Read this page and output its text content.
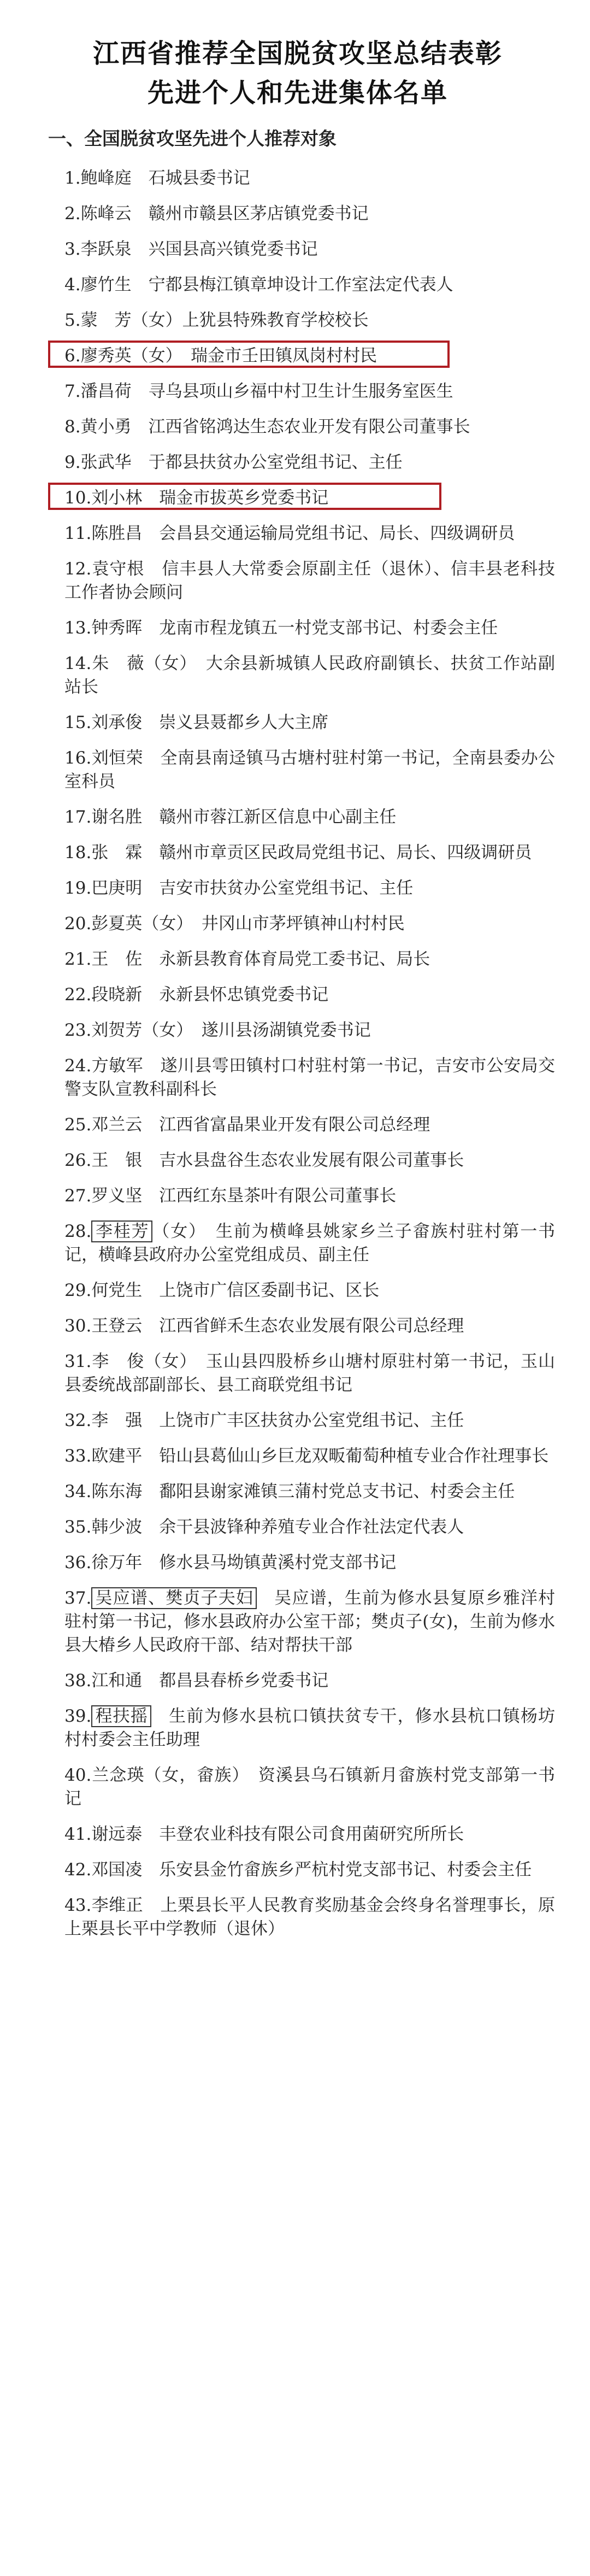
江西省推荐全国脱贫攻坚总结表彰
先进个人和先进集体名单
一、全国脱贫攻坚先进个人推荐对象
1.鲍峰庭　石城县委书记
2.陈峰云　赣州市赣县区茅店镇党委书记
3.李跃泉　兴国县高兴镇党委书记
4.廖竹生　宁都县梅江镇章坤设计工作室法定代表人
5.蒙　芳（女）上犹县特殊教育学校校长
6.廖秀英（女）　瑞金市壬田镇凤岗村村民
7.潘昌荷　寻乌县项山乡福中村卫生计生服务室医生
8.黄小勇　江西省铭鸿达生态农业开发有限公司董事长
9.张武华　于都县扶贫办公室党组书记、主任
10.刘小林　瑞金市拔英乡党委书记
11.陈胜昌　会昌县交通运输局党组书记、局长、四级调研员
12.袁守根　信丰县人大常委会原副主任（退休）、信丰县老科技工作者协会顾问
13.钟秀晖　龙南市程龙镇五一村党支部书记、村委会主任
14.朱　薇（女）　大余县新城镇人民政府副镇长、扶贫工作站副站长
15.刘承俊　崇义县聂都乡人大主席
16.刘恒荣　全南县南迳镇马古塘村驻村第一书记，全南县委办公室科员
17.谢名胜　赣州市蓉江新区信息中心副主任
18.张　霖　赣州市章贡区民政局党组书记、局长、四级调研员
19.巴庚明　吉安市扶贫办公室党组书记、主任
20.彭夏英（女）　井冈山市茅坪镇神山村村民
21.王　佐　永新县教育体育局党工委书记、局长
22.段晓新　永新县怀忠镇党委书记
23.刘贺芳（女）　遂川县汤湖镇党委书记
24.方敏军　遂川县雩田镇村口村驻村第一书记，吉安市公安局交警支队宣教科副科长
25.邓兰云　江西省富晶果业开发有限公司总经理
26.王　银　吉水县盘谷生态农业发展有限公司董事长
27.罗义坚　江西红东垦茶叶有限公司董事长
28. 李桂芳 （女）　生前为横峰县姚家乡兰子畲族村驻村第一书记，横峰县政府办公室党组成员、副主任
29.何党生　上饶市广信区委副书记、区长
30.王登云　江西省鲜禾生态农业发展有限公司总经理
31.李　俊（女）　玉山县四股桥乡山塘村原驻村第一书记，玉山县委统战部副部长、县工商联党组书记
32.李　强　上饶市广丰区扶贫办公室党组书记、主任
33.欧建平　铅山县葛仙山乡巨龙双畈葡萄种植专业合作社理事长
34.陈东海　鄱阳县谢家滩镇三蒲村党总支书记、村委会主任
35.韩少波　余干县波锋种养殖专业合作社法定代表人
36.徐万年　修水县马坳镇黄溪村党支部书记
37. 吴应谱、樊贞子夫妇　吴应谱，生前为修水县复原乡雅洋村驻村第一书记，修水县政府办公室干部；樊贞子(女)，生前为修水县大椿乡人民政府干部、结对帮扶干部
38.江和通　都昌县春桥乡党委书记
39. 程扶摇　生前为修水县杭口镇扶贫专干，修水县杭口镇杨坊村村委会主任助理
40.兰念瑛（女，畲族）　资溪县乌石镇新月畲族村党支部第一书记
41.谢远泰　丰登农业科技有限公司食用菌研究所所长
42.邓国凌　乐安县金竹畲族乡严杭村党支部书记、村委会主任
43.李维正　上栗县长平人民教育奖励基金会终身名誉理事长，原上栗县长平中学教师（退休）
